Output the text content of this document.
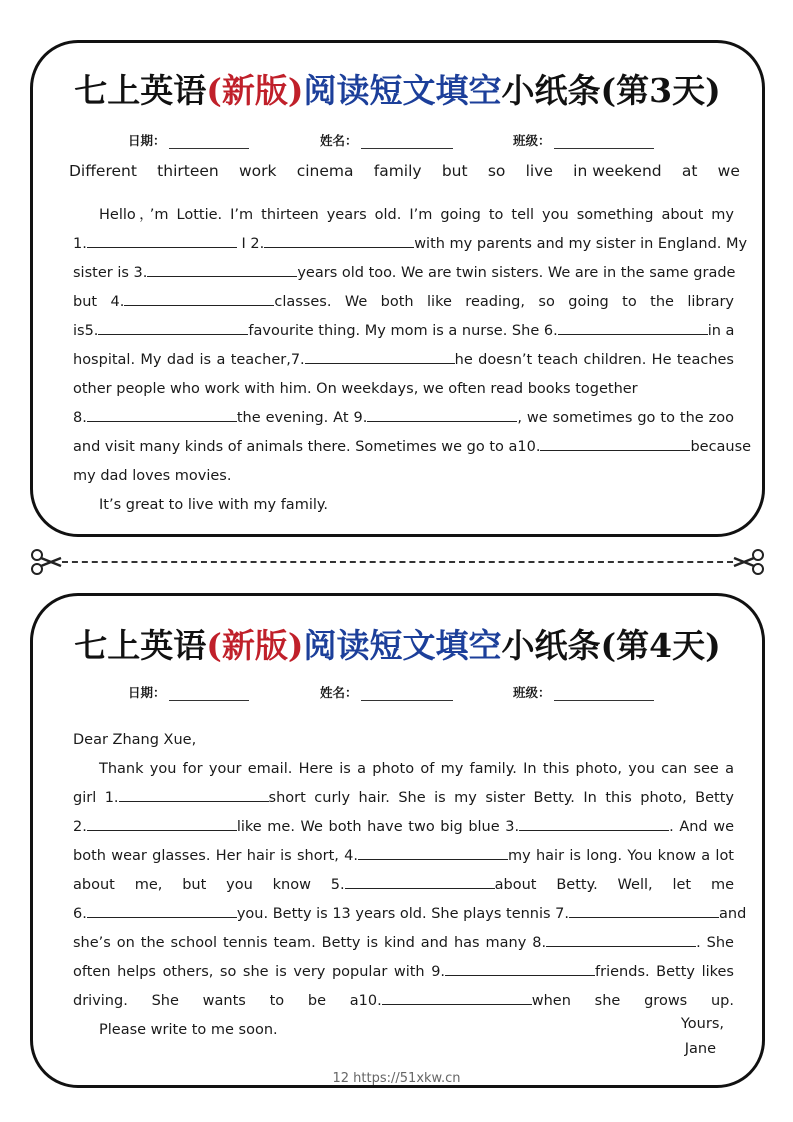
七上英语(新版)阅读短文填空小纸条(第3天)
日期：	姓名：	班级：
Different thirteen work cinema family but so live in weekend at we
Hello，’m Lottie. I’m thirteen years old. I’m going to tell you something about my
1.	I 2.	with my parents and my sister in England. My
sister is 3.	years old too. We are twin sisters. We are in the same grade
but 4.	classes. We both like reading, so going to the library
is5.	favourite thing. My mom is a nurse. She 6.	in a
hospital. My dad is a teacher,7.	he doesn’t teach children. He teaches
other people who work with him. On weekdays, we often read books together
8.	the evening. At 9.	, we sometimes go to the zoo
and visit many kinds of animals there. Sometimes we go to a10.	because
my dad loves movies.
It’s great to live with my family.
七上英语(新版)阅读短文填空小纸条(第4天)
日期：	姓名：	班级：
Dear Zhang Xue,
Thank you for your email. Here is a photo of my family. In this photo, you can see a
girl 1.	short curly hair. She is my sister Betty. In this photo, Betty
2.	like me. We both have two big blue 3.	. And we
both wear glasses. Her hair is short, 4.	my hair is long. You know a lot
about me, but you know 5.	about Betty. Well, let me
6.	you. Betty is 13 years old. She plays tennis 7.	and
she’s on the school tennis team. Betty is kind and has many 8.	. She
often helps others, so she is very popular with 9.	friends. Betty likes
driving. She wants to be a10.	when she grows up.
Please write to me soon.	Yours,
Jane
12 https://51xkw.cn
